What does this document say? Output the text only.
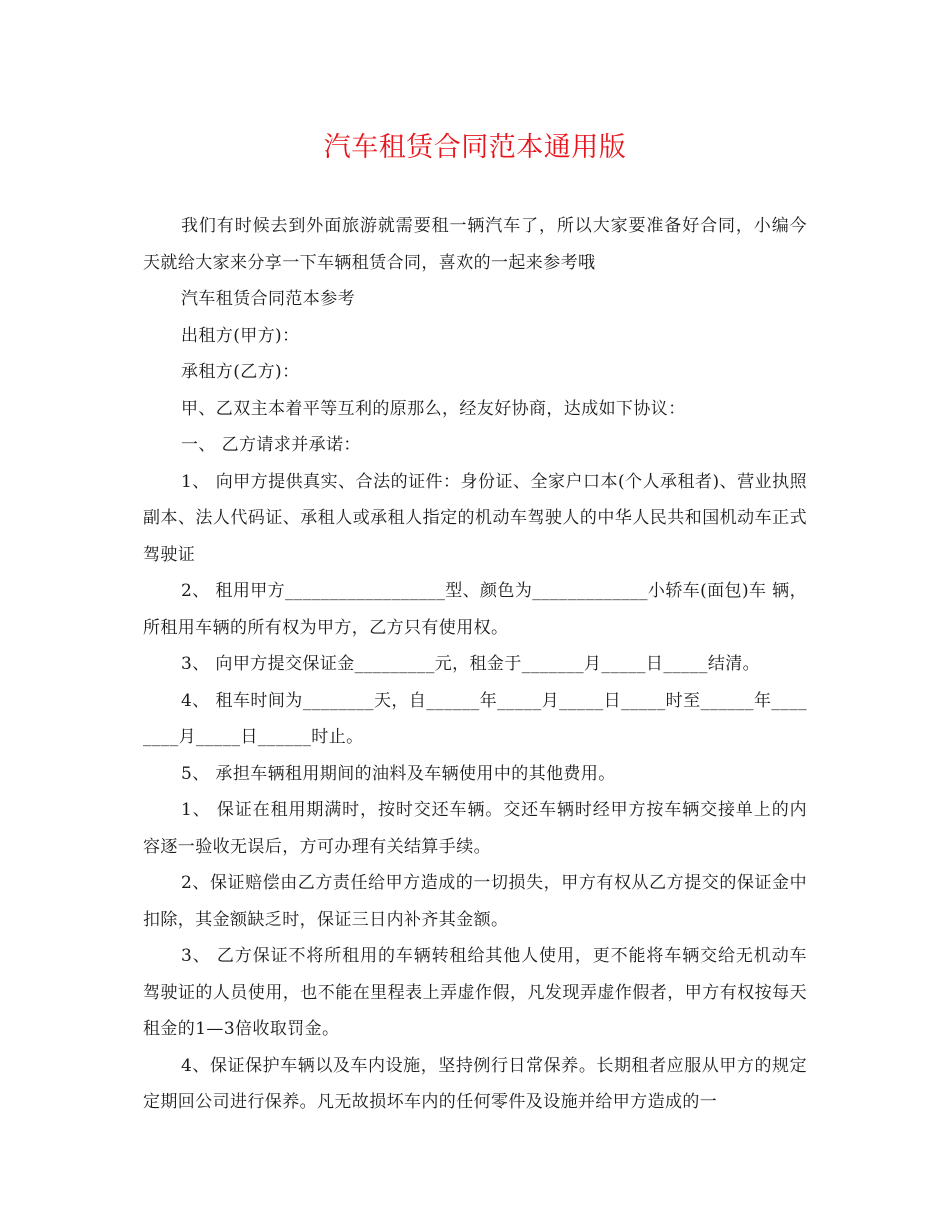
汽车租赁合同范本通用版

我们有时候去到外面旅游就需要租一辆汽车了，所以大家要准备好合同，小编今天就给大家来分享一下车辆租赁合同，喜欢的一起来参考哦

汽车租赁合同范本参考

出租方(甲方)：

承租方(乙方)：

甲、乙双主本着平等互利的原那么，经友好协商，达成如下协议：

一、 乙方请求并承诺：

1、 向甲方提供真实、合法的证件：身份证、全家户口本(个人承租者)、营业执照副本、法人代码证、承租人或承租人指定的机动车驾驶人的中华人民共和国机动车正式驾驶证

2、 租用甲方__________________型、颜色为_____________小轿车(面包)车 辆，所租用车辆的所有权为甲方，乙方只有使用权。

3、 向甲方提交保证金_________元，租金于_______月_____日_____结清。

4、 租车时间为________天，自______年_____月_____日_____时至______年________月_____日______时止。

5、 承担车辆租用期间的油料及车辆使用中的其他费用。

1、 保证在租用期满时，按时交还车辆。交还车辆时经甲方按车辆交接单上的内容逐一验收无误后，方可办理有关结算手续。

2、保证赔偿由乙方责任给甲方造成的一切损失，甲方有权从乙方提交的保证金中扣除，其金额缺乏时，保证三日内补齐其金额。

3、 乙方保证不将所租用的车辆转租给其他人使用，更不能将车辆交给无机动车驾驶证的人员使用，也不能在里程表上弄虚作假，凡发现弄虚作假者，甲方有权按每天租金的1—3倍收取罚金。

4、保证保护车辆以及车内设施，坚持例行日常保养。长期租者应服从甲方的规定定期回公司进行保养。凡无故损坏车内的任何零件及设施并给甲方造成的一
